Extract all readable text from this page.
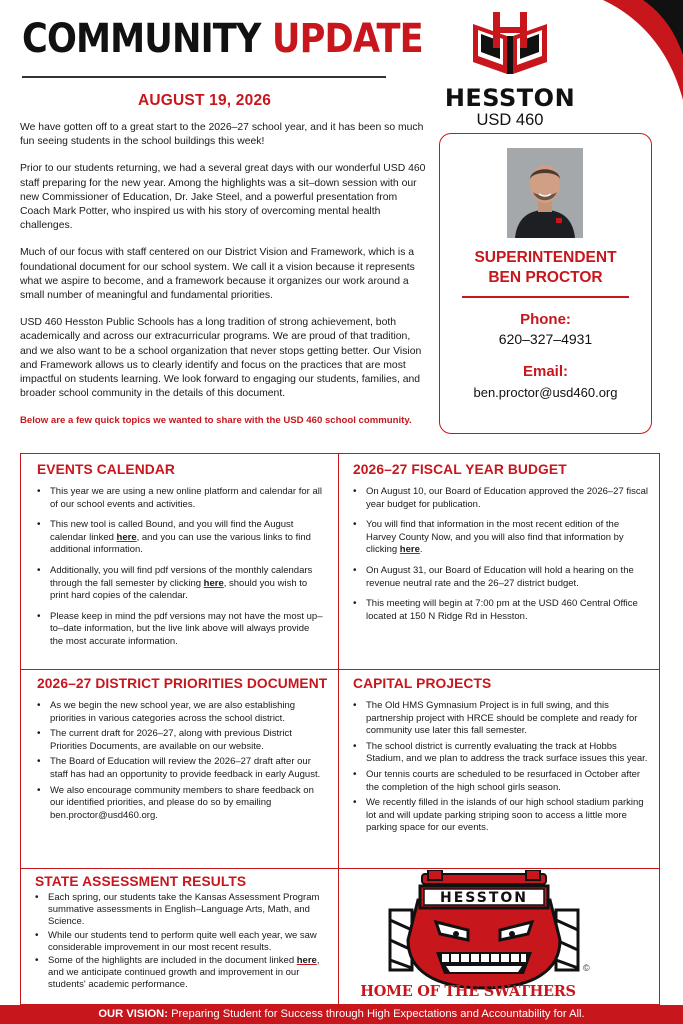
COMMUNITY UPDATE
AUGUST 19, 2026

We have gotten off to a great start to the 2026–27 school year, and it has been so much fun seeing students in the school buildings this week!

Prior to our students returning, we had a several great days with our wonderful USD 460 staff preparing for the new year. Among the highlights was a sit–down session with our new Commissioner of Education, Dr. Jake Steel, and a powerful presentation from Coach Mark Potter, who inspired us with his story of overcoming mental health challenges.

Much of our focus with staff centered on our District Vision and Framework, which is a foundational document for our school system. We call it a vision because it represents what we aspire to become, and a framework because it organizes our work around a small number of meaningful and fundamental priorities.

USD 460 Hesston Public Schools has a long tradition of strong achievement, both academically and across our extracurricular programs. We are proud of that tradition, and we also want to be a school organization that never stops getting better. Our Vision and Framework allows us to clearly identify and focus on the practices that are most impactful on students learning. We look forward to engaging our students, families, and broader school community in the details of this document.

Below are a few quick topics we wanted to share with the USD 460 school community.

HESSTON
USD 460
SUPERINTENDENT
BEN PROCTOR
Phone:
620–327–4931
Email:
ben.proctor@usd460.org
EVENTS CALENDAR
• This year we are using a new online platform and calendar for all of our school events and activities.
• This new tool is called Bound, and you will find the August calendar linked here, and you can use the various links to find additional information.
• Additionally, you will find pdf versions of the monthly calendars through the fall semester by clicking here, should you wish to print hard copies of the calendar.
• Please keep in mind the pdf versions may not have the most up–to–date information, but the live link above will always provide the most accurate information.
2026–27 FISCAL YEAR BUDGET
• On August 10, our Board of Education approved the 2026–27 fiscal year budget for publication.
• You will find that information in the most recent edition of the Harvey County Now, and you will also find that information by clicking here.
• On August 31, our Board of Education will hold a hearing on the revenue neutral rate and the 26–27 district budget.
• This meeting will begin at 7:00 pm at the USD 460 Central Office located at 150 N Ridge Rd in Hesston.
2026–27 DISTRICT PRIORITIES DOCUMENT
• As we begin the new school year, we are also establishing priorities in various categories across the school district.
• The current draft for 2026–27, along with previous District Priorities Documents, are available on our website.
• The Board of Education will review the 2026–27 draft after our staff has had an opportunity to provide feedback in early August.
• We also encourage community members to share feedback on our identified priorities, and please do so by emailing ben.proctor@usd460.org.
CAPITAL PROJECTS
• The Old HMS Gymnasium Project is in full swing, and this partnership project with HRCE should be complete and ready for community use later this fall semester.
• The school district is currently evaluating the track at Hobbs Stadium, and we plan to address the track surface issues this year.
• Our tennis courts are scheduled to be resurfaced in October after the completion of the high school girls season.
• We recently filled in the islands of our high school stadium parking lot and will update parking striping soon to access a little more parking space for our events.
STATE ASSESSMENT RESULTS
• Each spring, our students take the Kansas Assessment Program summative assessments in English–Language Arts, Math, and Science.
• While our students tend to perform quite well each year, we saw considerable improvement in our most recent results.
• Some of the highlights are included in the document linked here, and we anticipate continued growth and improvement in our students' academic performance.
HESSTON
©
HOME OF THE SWATHERS
OUR VISION: Preparing Student for Success through High Expectations and Accountability for All.
